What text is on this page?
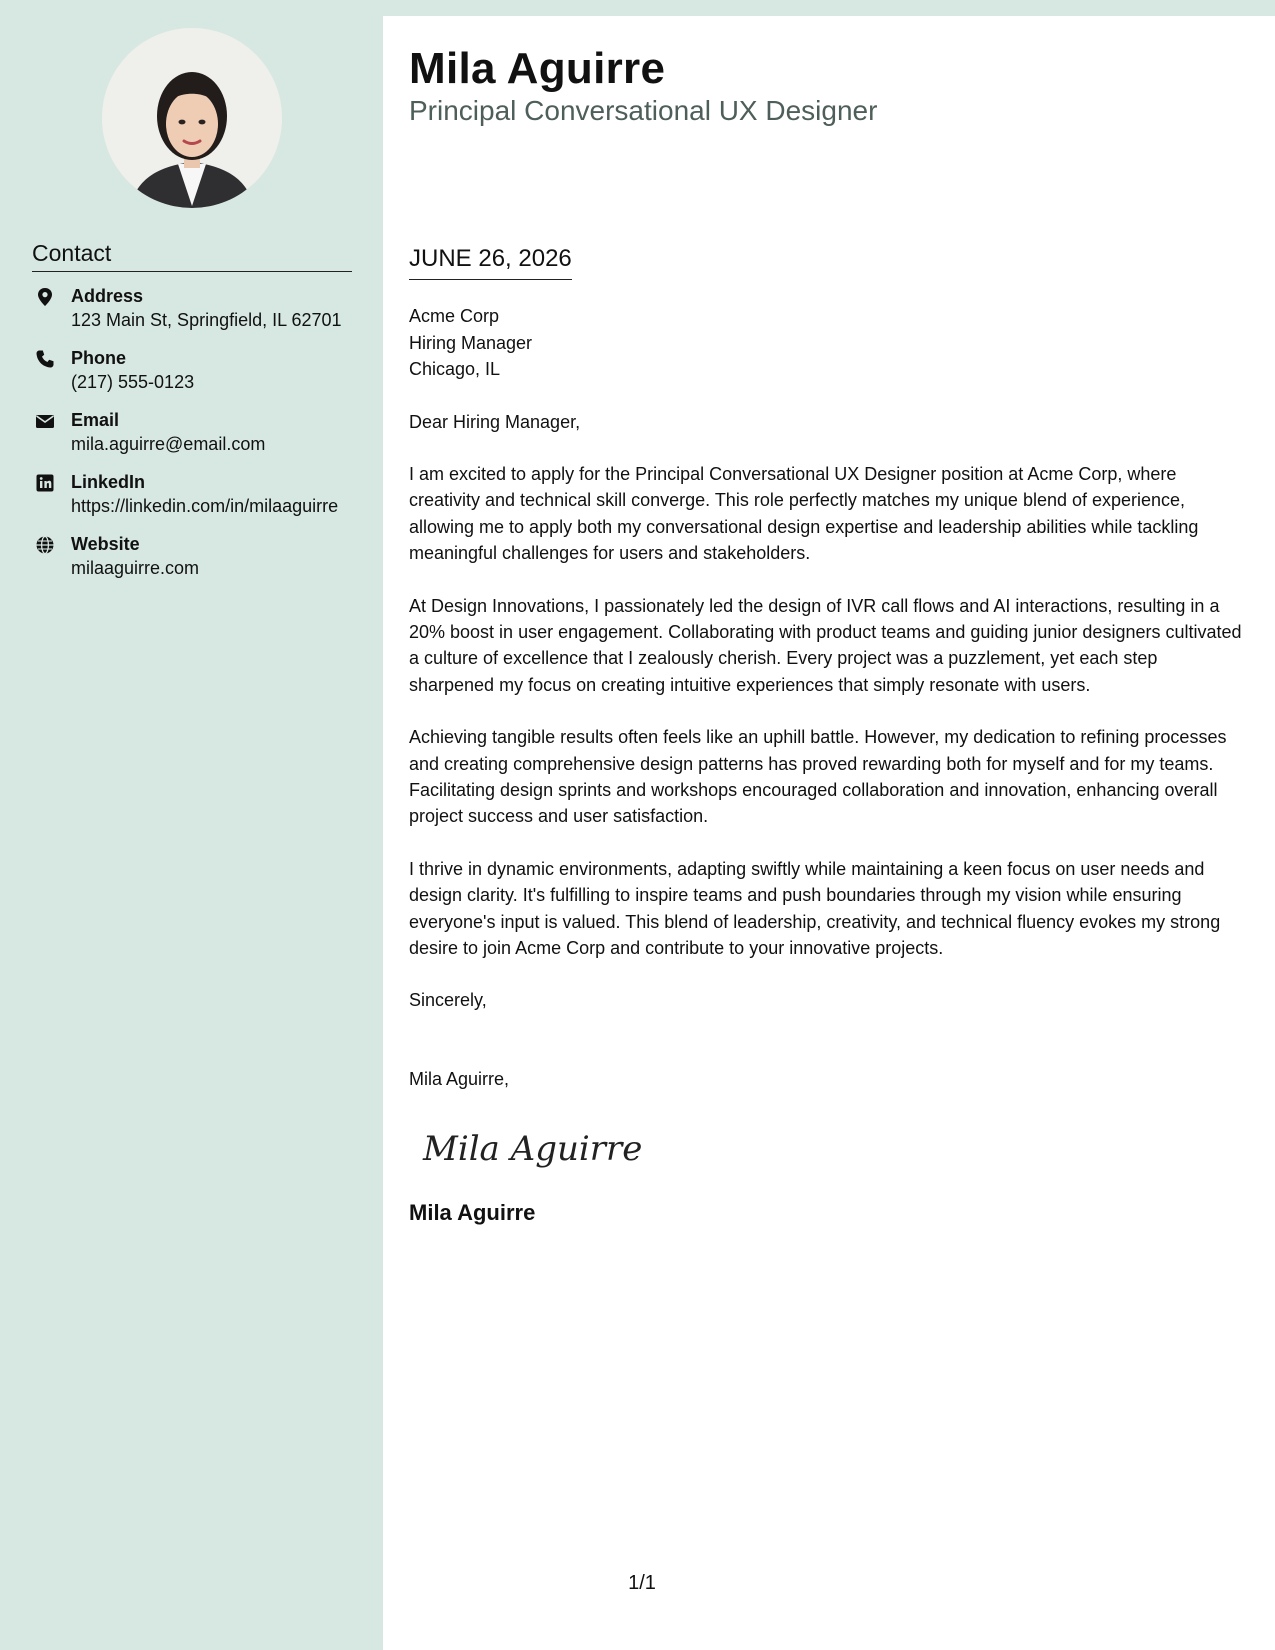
Contact
Address
123 Main St, Springfield, IL 62701
Phone
(217) 555-0123
Email
mila.aguirre@email.com
LinkedIn
https://linkedin.com/in/milaaguirre
Website
milaaguirre.com
Mila Aguirre
Principal Conversational UX Designer
JUNE 26, 2026
Acme Corp
Hiring Manager
Chicago, IL

Dear Hiring Manager,

I am excited to apply for the Principal Conversational UX Designer position at Acme Corp, where creativity and technical skill converge. This role perfectly matches my unique blend of experience, allowing me to apply both my conversational design expertise and leadership abilities while tackling meaningful challenges for users and stakeholders.

At Design Innovations, I passionately led the design of IVR call flows and AI interactions, resulting in a 20% boost in user engagement. Collaborating with product teams and guiding junior designers cultivated a culture of excellence that I zealously cherish. Every project was a puzzlement, yet each step sharpened my focus on creating intuitive experiences that simply resonate with users.

Achieving tangible results often feels like an uphill battle. However, my dedication to refining processes and creating comprehensive design patterns has proved rewarding both for myself and for my teams. Facilitating design sprints and workshops encouraged collaboration and innovation, enhancing overall project success and user satisfaction.

I thrive in dynamic environments, adapting swiftly while maintaining a keen focus on user needs and design clarity. It's fulfilling to inspire teams and push boundaries through my vision while ensuring everyone's input is valued. This blend of leadership, creativity, and technical fluency evokes my strong desire to join Acme Corp and contribute to your innovative projects.

Sincerely,

Mila Aguirre,

Mila Aguirre
Mila Aguirre
1/1
